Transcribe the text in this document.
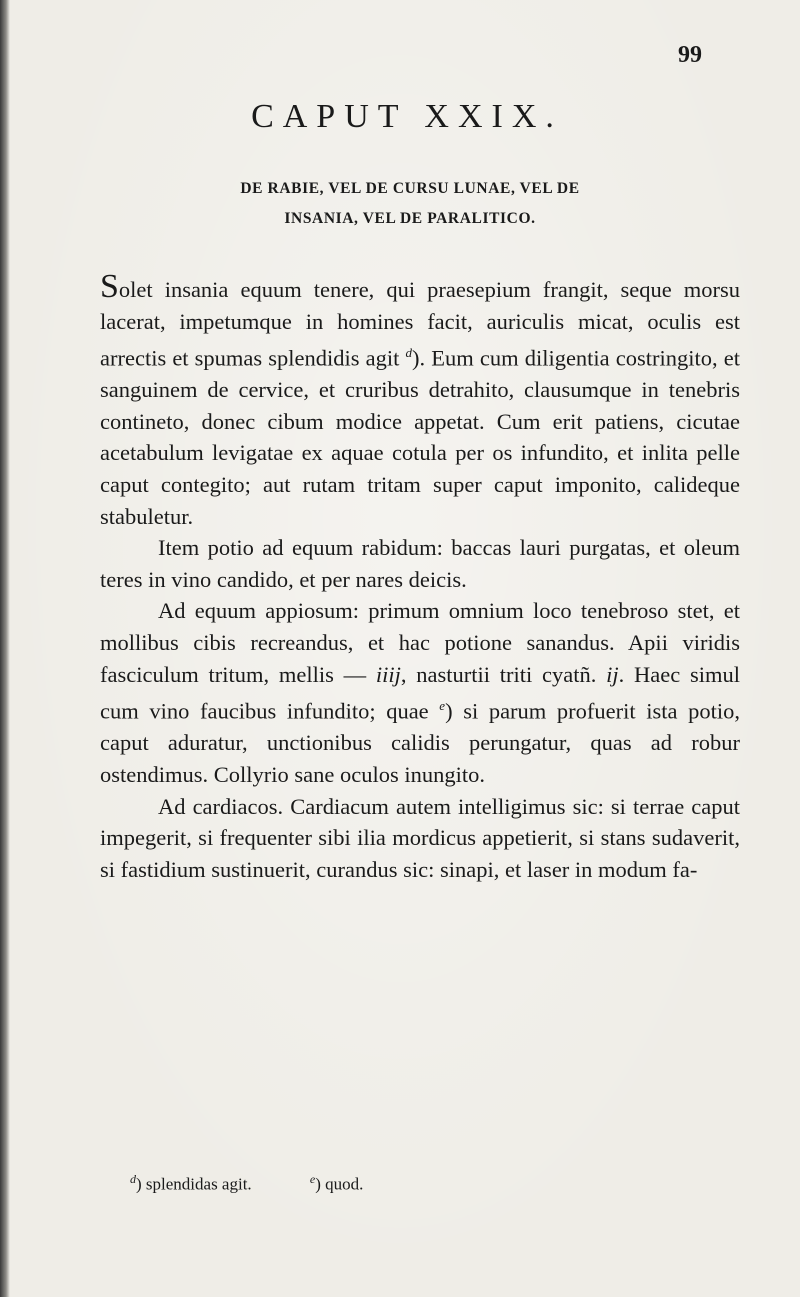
99
CAPUT XXIX.
DE RABIE, VEL DE CURSU LUNAE, VEL DE
INSANIA, VEL DE PARALITICO.

Solet insania equum tenere, qui praesepium frangit, seque morsu lacerat, impetumque in homines facit, auriculis micat, oculis est arrectis et spumas splendidis agit $^d$). Eum cum diligentia costringito, et sanguinem de cervice, et cruribus detrahito, clausumque in tenebris contineto, donec cibum modice appetat. Cum erit patiens, cicutae acetabulum levigatae ex aquae cotula per os infundito, et inlita pelle caput contegito; aut rutam tritam super caput imponito, calideque stabuletur.

Item potio ad equum rabidum: baccas lauri purgatas, et oleum teres in vino candido, et per nares deicis.

Ad equum appiosum: primum omnium loco tenebroso stet, et mollibus cibis recreandus, et hac potione sanandus. Apii viridis fasciculum tritum, mellis — iiij, nasturtii triti cyatñ. ij. Haec simul cum vino faucibus infundito; quae $^e$) si parum profuerit ista potio, caput aduratur, unctionibus calidis perungatur, quas ad robur ostendimus. Collyrio sane oculos inungito.

Ad cardiacos. Cardiacum autem intelligimus sic: si terrae caput impegerit, si frequenter sibi ilia mordicus appetierit, si stans sudaverit, si fastidium sustinuerit, curandus sic: sinapi, et laser in modum fa-

$^d$) splendidas agit.	$^e$) quod.
